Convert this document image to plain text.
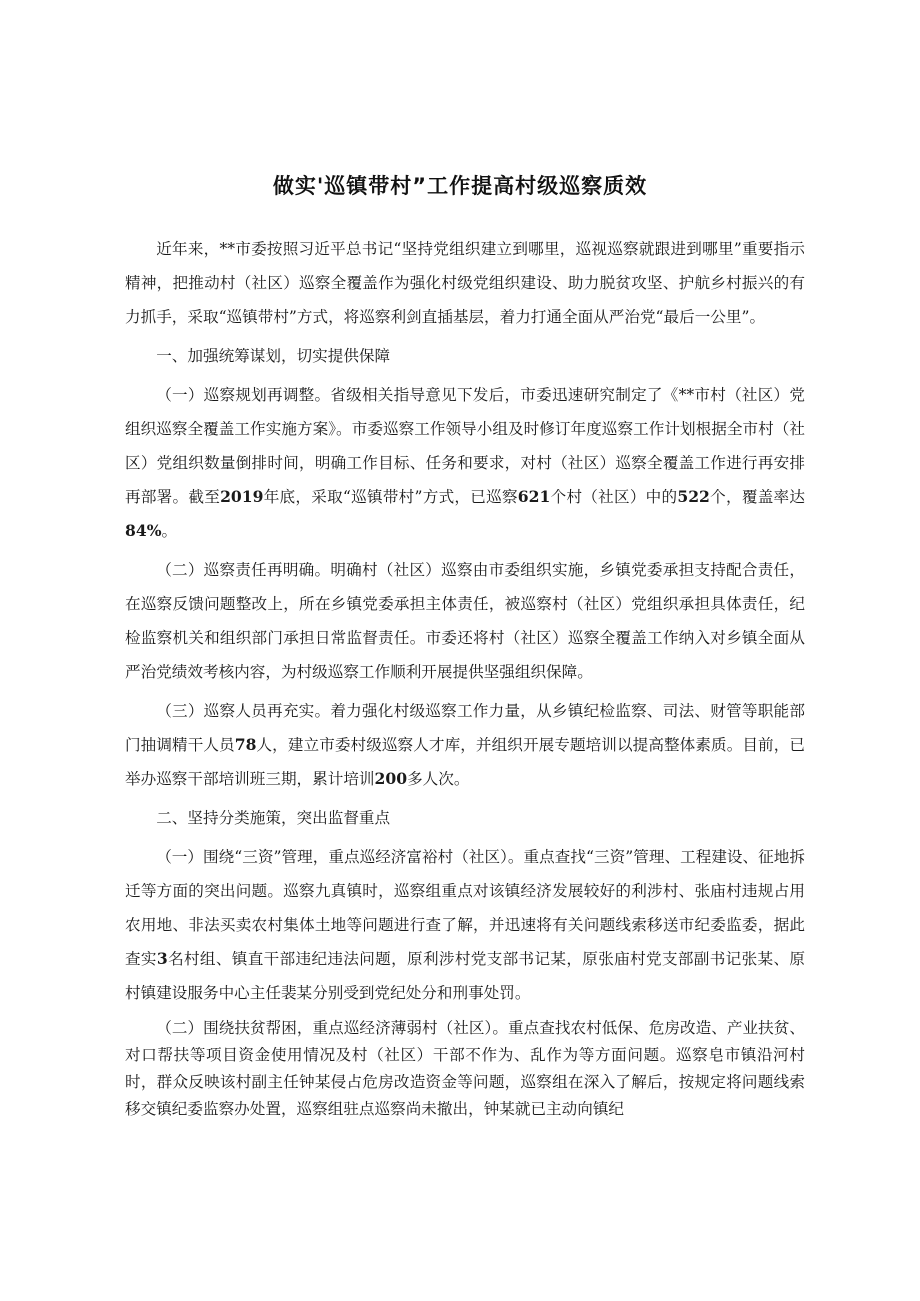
做实'巡镇带村”工作提高村级巡察质效

近年来，**市委按照习近平总书记“坚持党组织建立到哪里，巡视巡察就跟进到哪里”重要指示精神，把推动村（社区）巡察全覆盖作为强化村级党组织建设、助力脱贫攻坚、护航乡村振兴的有力抓手，采取“巡镇带村”方式，将巡察利剑直插基层，着力打通全面从严治党“最后一公里”。

一、加强统筹谋划，切实提供保障

（一）巡察规划再调整。省级相关指导意见下发后，市委迅速研究制定了《**市村（社区）党组织巡察全覆盖工作实施方案》。市委巡察工作领导小组及时修订年度巡察工作计划根据全市村（社区）党组织数量倒排时间，明确工作目标、任务和要求，对村（社区）巡察全覆盖工作进行再安排再部署。截至2019年底，采取“巡镇带村”方式，已巡察621个村（社区）中的522个，覆盖率达84%。

（二）巡察责任再明确。明确村（社区）巡察由市委组织实施，乡镇党委承担支持配合责任，在巡察反馈问题整改上，所在乡镇党委承担主体责任，被巡察村（社区）党组织承担具体责任，纪检监察机关和组织部门承担日常监督责任。市委还将村（社区）巡察全覆盖工作纳入对乡镇全面从严治党绩效考核内容，为村级巡察工作顺利开展提供坚强组织保障。

（三）巡察人员再充实。着力强化村级巡察工作力量，从乡镇纪检监察、司法、财管等职能部门抽调精干人员78人，建立市委村级巡察人才库，并组织开展专题培训以提高整体素质。目前，已举办巡察干部培训班三期，累计培训200多人次。

二、坚持分类施策，突出监督重点

（一）围绕“三资”管理，重点巡经济富裕村（社区）。重点查找“三资”管理、工程建设、征地拆迁等方面的突出问题。巡察九真镇时，巡察组重点对该镇经济发展较好的利涉村、张庙村违规占用农用地、非法买卖农村集体土地等问题进行查了解，并迅速将有关问题线索移送市纪委监委，据此查实3名村组、镇直干部违纪违法问题，原利涉村党支部书记某，原张庙村党支部副书记张某、原村镇建设服务中心主任裴某分别受到党纪处分和刑事处罚。

（二）围绕扶贫帮困，重点巡经济薄弱村（社区）。重点查找农村低保、危房改造、产业扶贫、对口帮扶等项目资金使用情况及村（社区）干部不作为、乱作为等方面问题。巡察皂市镇沿河村时，群众反映该村副主任钟某侵占危房改造资金等问题，巡察组在深入了解后，按规定将问题线索移交镇纪委监察办处置，巡察组驻点巡察尚未撤出，钟某就已主动向镇纪
